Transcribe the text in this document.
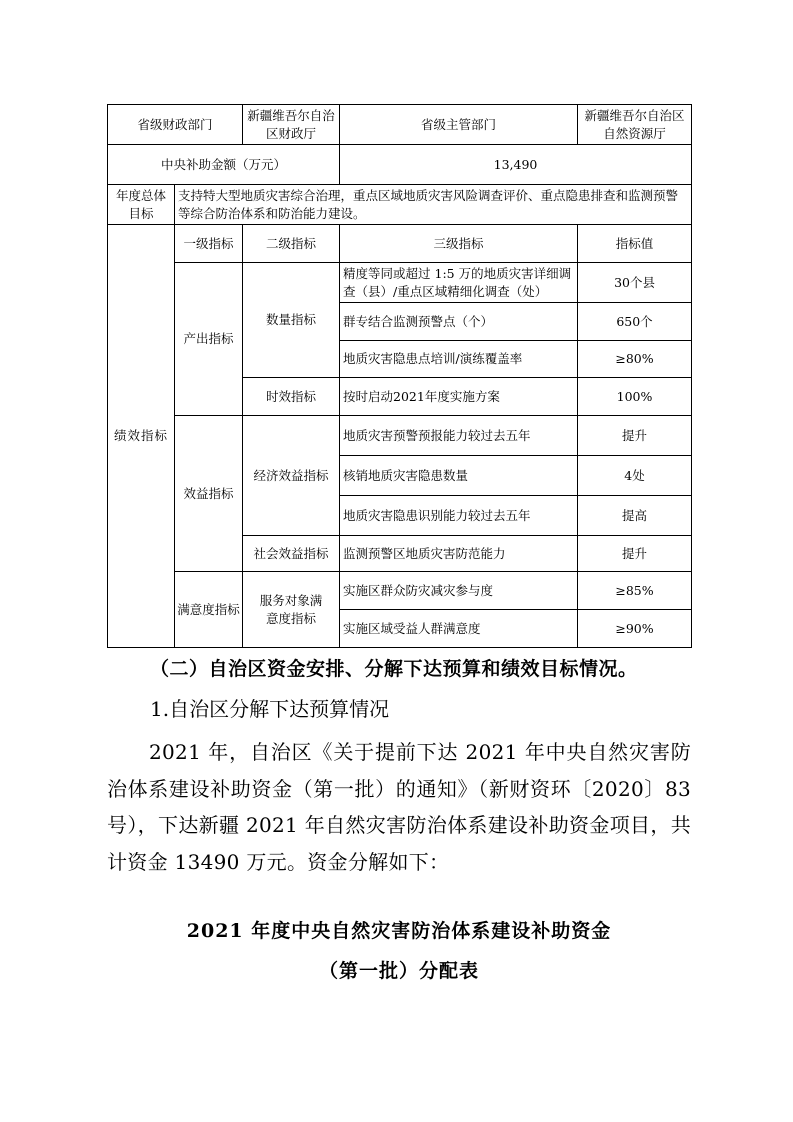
省级财政部门		新疆维吾尔自治区财政厅	省级主管部门	新疆维吾尔自治区自然资源厅
中央补助金额（万元）			13,490	
年度总体目标	支持特大型地质灾害综合治理，重点区域地质灾害风险调查评价、重点隐患排查和监测预警等综合防治体系和防治能力建设。			
绩效指标	一级指标	二级指标	三级指标	指标值
	产出指标	数量指标	精度等同或超过 1:5 万的地质灾害详细调查（县）/重点区域精细化调查（处）	30个县
			群专结合监测预警点（个）	650个
			地质灾害隐患点培训/演练覆盖率	≥80%
		时效指标	按时启动2021年度实施方案	100%
	效益指标	经济效益指标	地质灾害预警预报能力较过去五年	提升
			核销地质灾害隐患数量	4处
			地质灾害隐患识别能力较过去五年	提高
		社会效益指标	监测预警区地质灾害防范能力	提升
	满意度指标	服务对象满意度指标	实施区群众防灾减灾参与度	≥85%
			实施区域受益人群满意度	≥90%
（二）自治区资金安排、分解下达预算和绩效目标情况。
1.自治区分解下达预算情况
2021 年，自治区《关于提前下达 2021 年中央自然灾害防治体系建设补助资金（第一批）的通知》（新财资环〔2020〕83 号），下达新疆 2021 年自然灾害防治体系建设补助资金项目，共计资金 13490 万元。资金分解如下：
2021 年度中央自然灾害防治体系建设补助资金
（第一批）分配表
